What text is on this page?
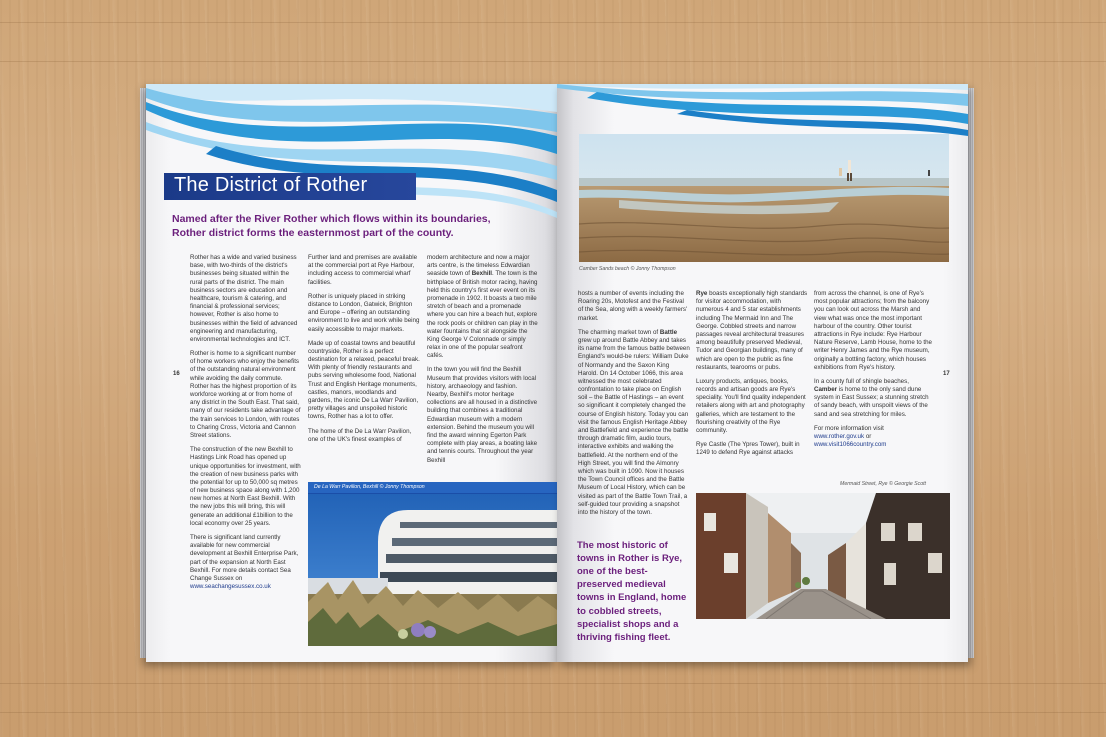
The District of Rother
Named after the River Rother which flows within its boundaries, Rother district forms the easternmost part of the county.

Rother has a wide and varied business base, with two-thirds of the district's businesses being situated within the rural parts of the district. The main business sectors are education and healthcare, tourism & catering, and financial & professional services; however, Rother is also home to businesses within the field of advanced engineering and manufacturing, environmental technologies and ICT.

Rother is home to a significant number of home workers who enjoy the benefits of the outstanding natural environment while avoiding the daily commute. Rother has the highest proportion of its workforce working at or from home of any district in the South East. That said, many of our residents take advantage of the train services to London, with routes to Charing Cross, Victoria and Cannon Street stations.

The construction of the new Bexhill to Hastings Link Road has opened up unique opportunities for investment, with the creation of new business parks with the potential for up to 50,000 sq metres of new business space along with 1,200 new homes at North East Bexhill. With the new jobs this will bring, this will generate an additional £1billion to the local economy over 25 years.

There is significant land currently available for new commercial development at Bexhill Enterprise Park, part of the expansion at North East Bexhill. For more details contact Sea Change Sussex on www.seachangesussex.co.uk

Further land and premises are available at the commercial port at Rye Harbour, including access to commercial wharf facilities.

Rother is uniquely placed in striking distance to London, Gatwick, Brighton and Europe – offering an outstanding environment to live and work while being easily accessible to major markets.

Made up of coastal towns and beautiful countryside, Rother is a perfect destination for a relaxed, peaceful break. With plenty of friendly restaurants and pubs serving wholesome food, National Trust and English Heritage monuments, castles, manors, woodlands and gardens, the iconic De La Warr Pavilion, pretty villages and unspoiled historic towns, Rother has a lot to offer.

The home of the De La Warr Pavilion, one of the UK's finest examples of

modern architecture and now a major arts centre, is the timeless Edwardian seaside town of Bexhill. The town is the birthplace of British motor racing, having held this country's first ever event on its promenade in 1902. It boasts a two mile stretch of beach and a promenade where you can hire a beach hut, explore the rock pools or children can play in the water fountains that sit alongside the King George V Colonnade or simply relax in one of the popular seafront cafés.

In the town you will find the Bexhill Museum that provides visitors with local history, archaeology and fashion. Nearby, Bexhill's motor heritage collections are all housed in a distinctive building that combines a traditional Edwardian museum with a modern extension. Behind the museum you will find the award winning Egerton Park complete with play areas, a boating lake and tennis courts. Throughout the year Bexhill

16
De La Warr Pavilion, Bexhill © Jonny Thompson
Camber Sands beach © Jonny Thompson

hosts a number of events including the Roaring 20s, Motofest and the Festival of the Sea, along with a weekly farmers' market.

The charming market town of Battle grew up around Battle Abbey and takes its name from the famous battle between England's would-be rulers: William Duke of Normandy and the Saxon King Harold. On 14 October 1066, this area witnessed the most celebrated confrontation to take place on English soil – the Battle of Hastings – an event so significant it completely changed the course of English history. Today you can visit the famous English Heritage Abbey and Battlefield and experience the battle through dramatic film, audio tours, interactive exhibits and walking the battlefield. At the northern end of the High Street, you will find the Almonry which was built in 1090. Now it houses the Town Council offices and the Battle Museum of Local History, which can be visited as part of the Battle Town Trail, a self-guided tour providing a snapshot into the history of the town.

Rye boasts exceptionally high standards for visitor accommodation, with numerous 4 and 5 star establishments including The Mermaid Inn and The George. Cobbled streets and narrow passages reveal architectural treasures among beautifully preserved Medieval, Tudor and Georgian buildings, many of which are open to the public as fine restaurants, tearooms or pubs.

Luxury products, antiques, books, records and artisan goods are Rye's speciality. You'll find quality independent retailers along with art and photography galleries, which are testament to the flourishing creativity of the Rye community.

Rye Castle (The Ypres Tower), built in 1249 to defend Rye against attacks

from across the channel, is one of Rye's most popular attractions; from the balcony you can look out across the Marsh and view what was once the most important harbour of the country. Other tourist attractions in Rye include: Rye Harbour Nature Reserve, Lamb House, home to the writer Henry James and the Rye museum, originally a bottling factory, which houses exhibitions from Rye's history.

In a county full of shingle beaches, Camber is home to the only sand dune system in East Sussex; a stunning stretch of sandy beach, with unspoilt views of the sand and sea stretching for miles.

For more information visit
www.rother.gov.uk or
www.visit1066country.com

17
Mermaid Street, Rye © Georgie Scott
The most historic of towns in Rother is Rye, one of the best-preserved medieval towns in England, home to cobbled streets, specialist shops and a thriving fishing fleet.
